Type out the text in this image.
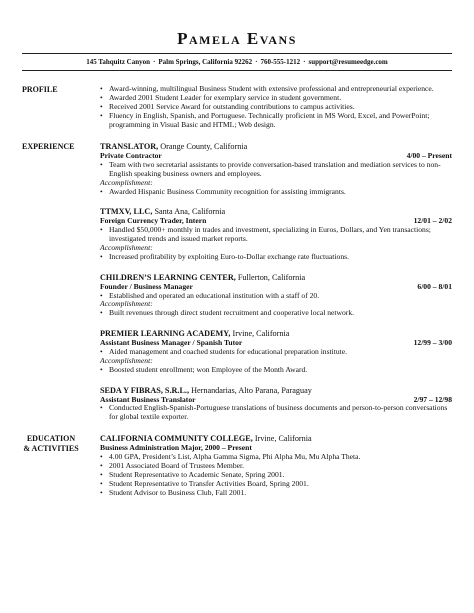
Pamela Evans
145 Tahquitz Canyon · Palm Springs, California 92262 · 760-555-1212 · support@resumeedge.com
PROFILE
•	Award-winning, multilingual Business Student with extensive professional and entrepreneurial experience.
• Awarded 2001 Student Leader for exemplary service in student government.
• Received 2001 Service Award for outstanding contributions to campus activities.
• Fluency in English, Spanish, and Portuguese. Technically proficient in MS Word, Excel, and PowerPoint; programming in Visual Basic and HTML; Web design.
EXPERIENCE	TRANSLATOR, Orange County, California
Private Contractor	4/00 – Present
• Team with two secretarial assistants to provide conversation-based translation and mediation services to non-English speaking business owners and employees.
Accomplishment:
• Awarded Hispanic Business Community recognition for assisting immigrants.
TTMXV, LLC, Santa Ana, California
Foreign Currency Trader, Intern	12/01 – 2/02
• Handled $50,000+ monthly in trades and investment, specializing in Euros, Dollars, and Yen transactions; investigated trends and issued market reports.
Accomplishment:
• Increased profitability by exploiting Euro-to-Dollar exchange rate fluctuations.
CHILDREN’S LEARNING CENTER, Fullerton, California
Founder / Business Manager	6/00 – 8/01
• Established and operated an educational institution with a staff of 20.
Accomplishment:
• Built revenues through direct student recruitment and cooperative local network.
PREMIER LEARNING ACADEMY, Irvine, California
Assistant Business Manager / Spanish Tutor	12/99 – 3/00
• Aided management and coached students for educational preparation institute.
Accomplishment:
• Boosted student enrollment; won Employee of the Month Award.
SEDA Y FIBRAS, S.R.L., Hernandarias, Alto Parana, Paraguay
Assistant Business Translator	2/97 – 12/98
• Conducted English-Spanish-Portuguese translations of business documents and person-to-person conversations for global textile exporter.
EDUCATION
& ACTIVITIES
CALIFORNIA COMMUNITY COLLEGE, Irvine, California
Business Administration Major, 2000 – Present
• 4.00 GPA, President’s List, Alpha Gamma Sigma, Phi Alpha Mu, Mu Alpha Theta.
• 2001 Associated Board of Trustees Member.
• Student Representative to Academic Senate, Spring 2001.
• Student Representative to Transfer Activities Board, Spring 2001.
• Student Advisor to Business Club, Fall 2001.
